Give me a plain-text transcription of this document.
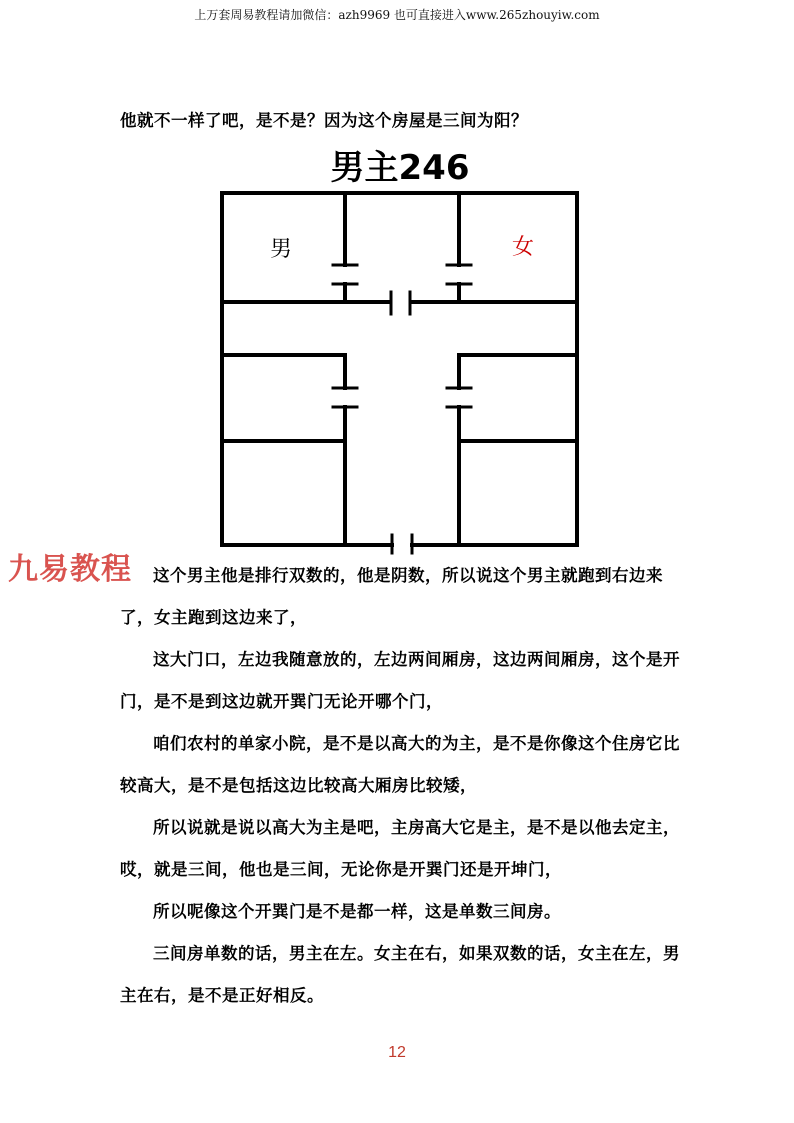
上万套周易教程请加微信：azh9969 也可直接进入www.265zhouyiw.com
他就不一样了吧，是不是？因为这个房屋是三间为阳？
男主246
男	女
九易教程	这个男主他是排行双数的，他是阴数，所以说这个男主就跑到右边来了，女主跑到这边来了，
这大门口，左边我随意放的，左边两间厢房，这边两间厢房，这个是开门，是不是到这边就开巽门无论开哪个门，
咱们农村的单家小院，是不是以高大的为主，是不是你像这个住房它比较高大，是不是包括这边比较高大厢房比较矮，
所以说就是说以高大为主是吧，主房高大它是主，是不是以他去定主，哎，就是三间，他也是三间，无论你是开巽门还是开坤门，
所以呢像这个开巽门是不是都一样，这是单数三间房。
三间房单数的话，男主在左。女主在右，如果双数的话，女主在左，男主在右，是不是正好相反。
12
